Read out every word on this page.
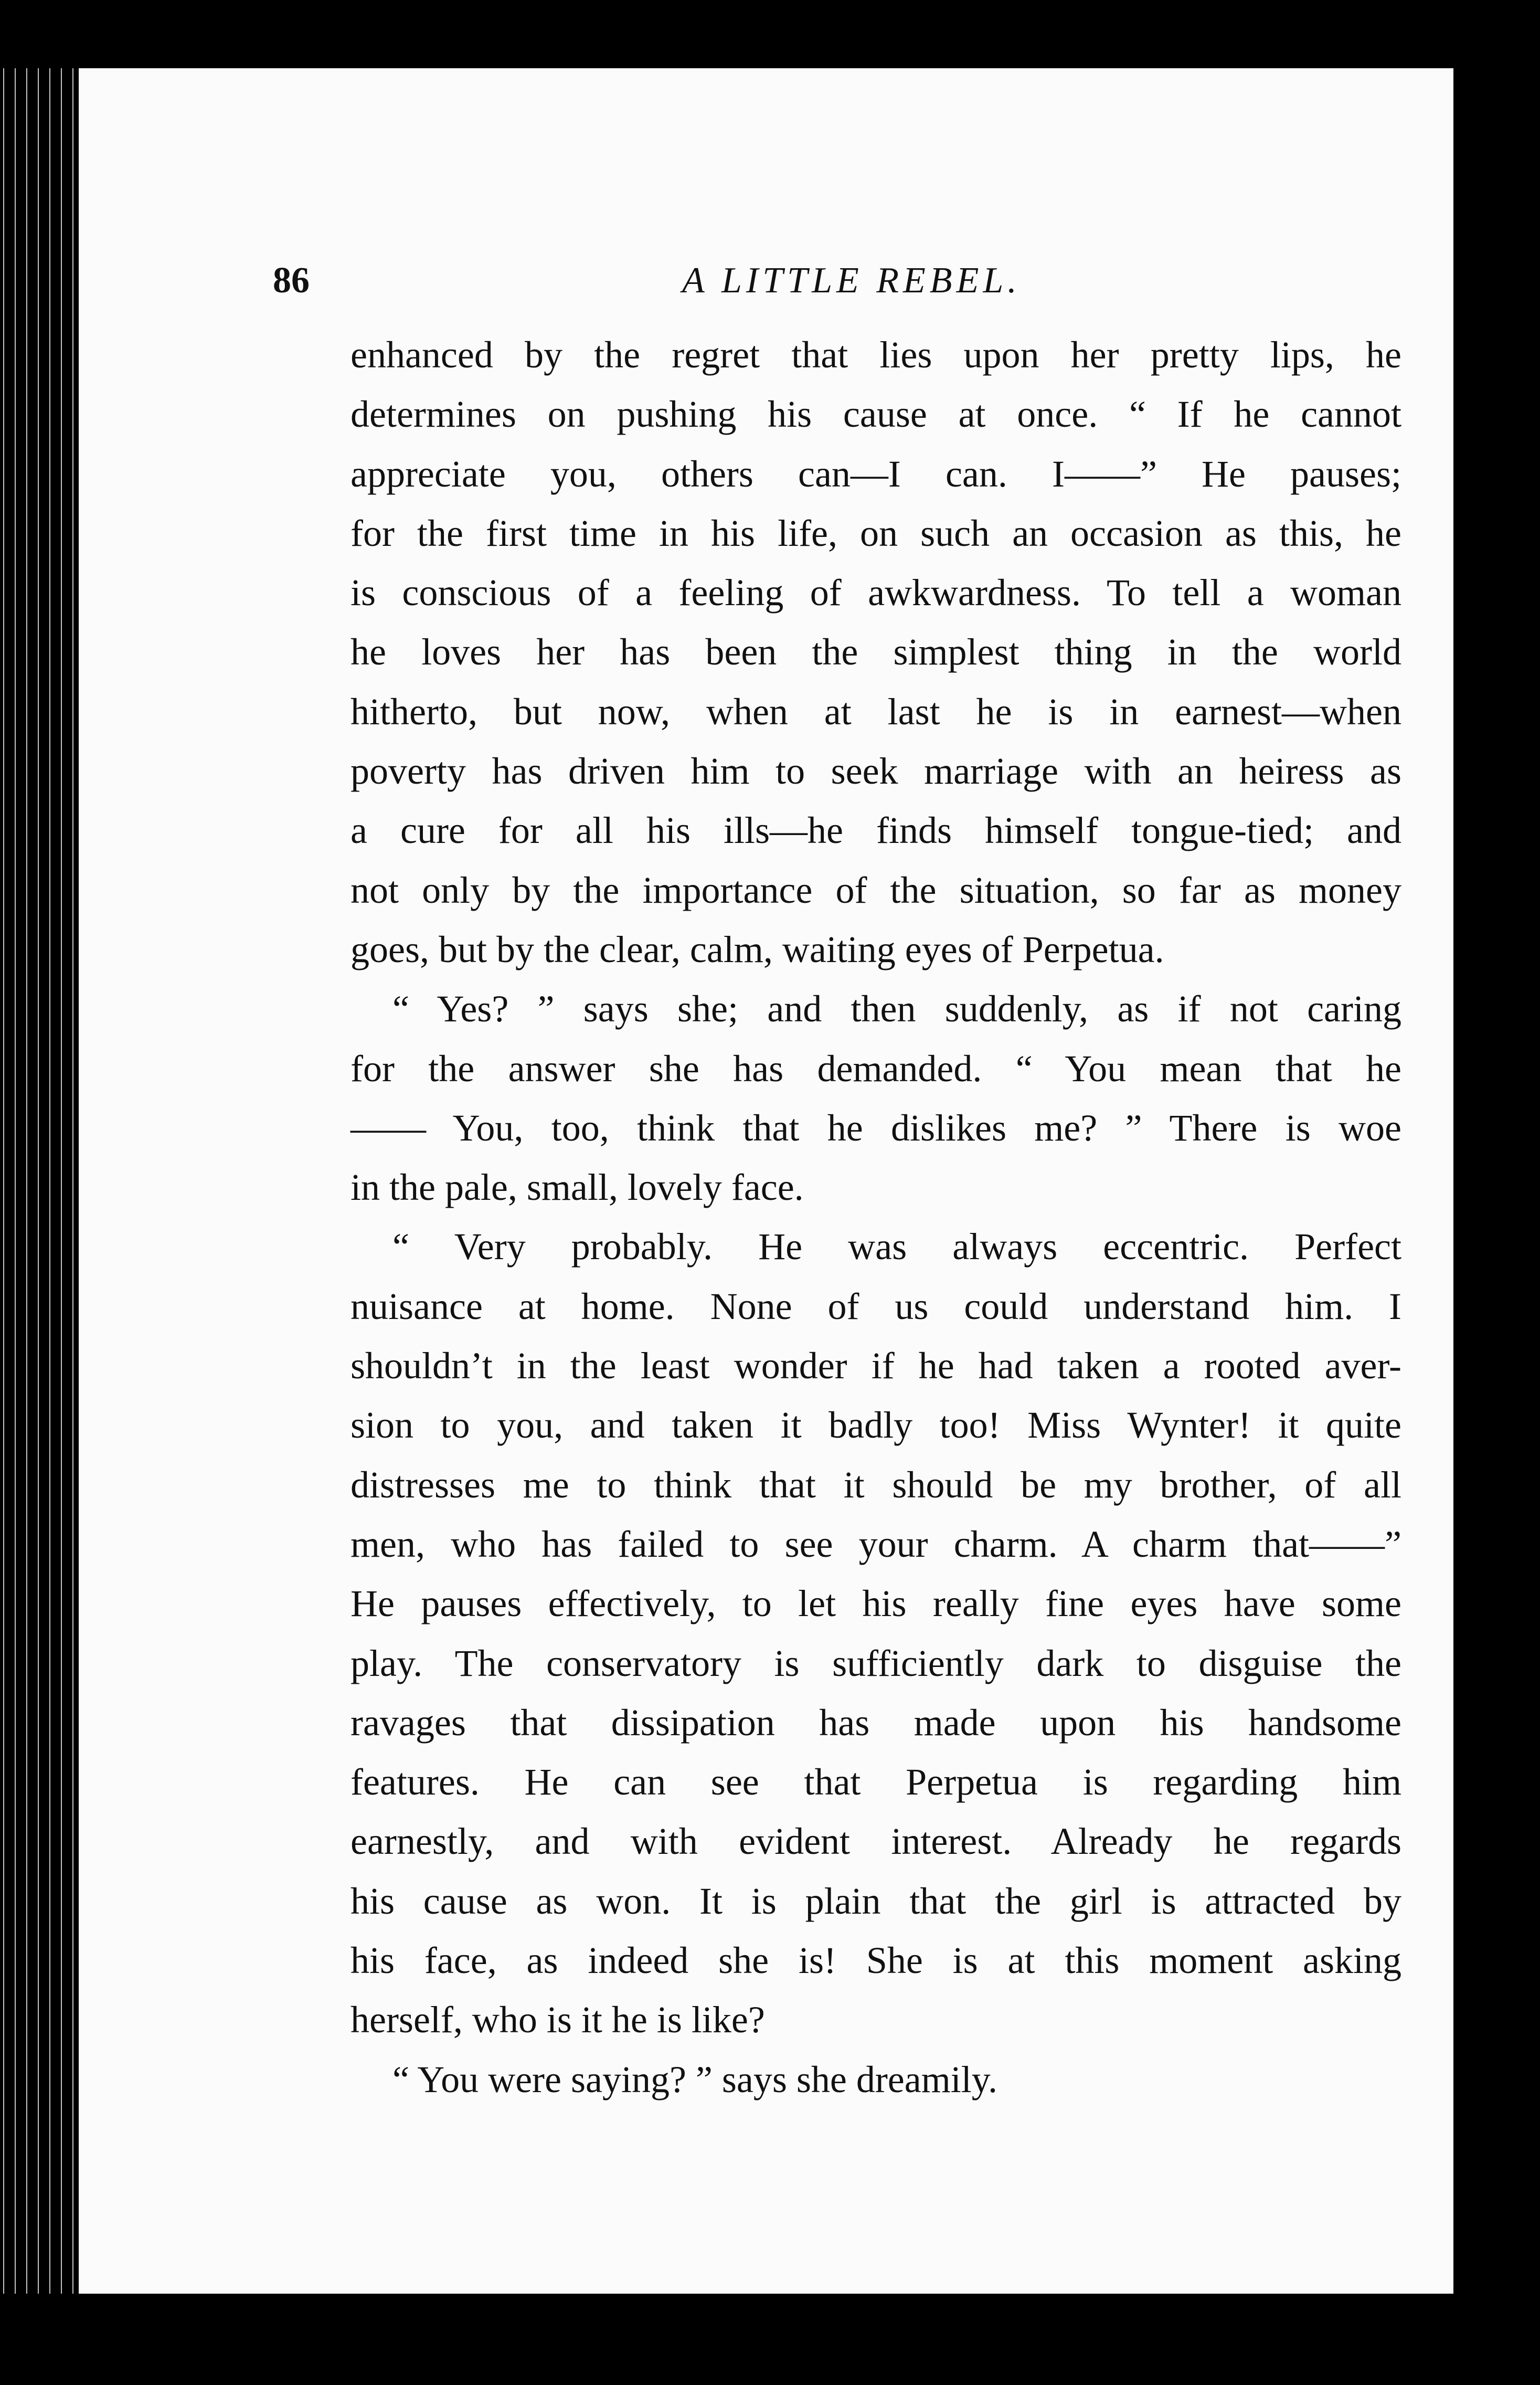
86	A LITTLE REBEL.
enhanced by the regret that lies upon her pretty lips, he
determines on pushing his cause at once. “ If he cannot
appreciate you, others can—I can. I——” He pauses;
for the first time in his life, on such an occasion as this, he
is conscious of a feeling of awkwardness. To tell a woman
he loves her has been the simplest thing in the world
hitherto, but now, when at last he is in earnest—when
poverty has driven him to seek marriage with an heiress as
a cure for all his ills—he finds himself tongue-tied; and
not only by the importance of the situation, so far as money
goes, but by the clear, calm, waiting eyes of Perpetua.
“ Yes? ” says she; and then suddenly, as if not caring
for the answer she has demanded. “ You mean that he
—— You, too, think that he dislikes me? ” There is woe
in the pale, small, lovely face.
“ Very probably. He was always eccentric. Perfect
nuisance at home. None of us could understand him. I
shouldn’t in the least wonder if he had taken a rooted aver-
sion to you, and taken it badly too! Miss Wynter! it quite
distresses me to think that it should be my brother, of all
men, who has failed to see your charm. A charm that——”
He pauses effectively, to let his really fine eyes have some
play. The conservatory is sufficiently dark to disguise the
ravages that dissipation has made upon his handsome
features. He can see that Perpetua is regarding him
earnestly, and with evident interest. Already he regards
his cause as won. It is plain that the girl is attracted by
his face, as indeed she is! She is at this moment asking
herself, who is it he is like?
“ You were saying? ” says she dreamily.
